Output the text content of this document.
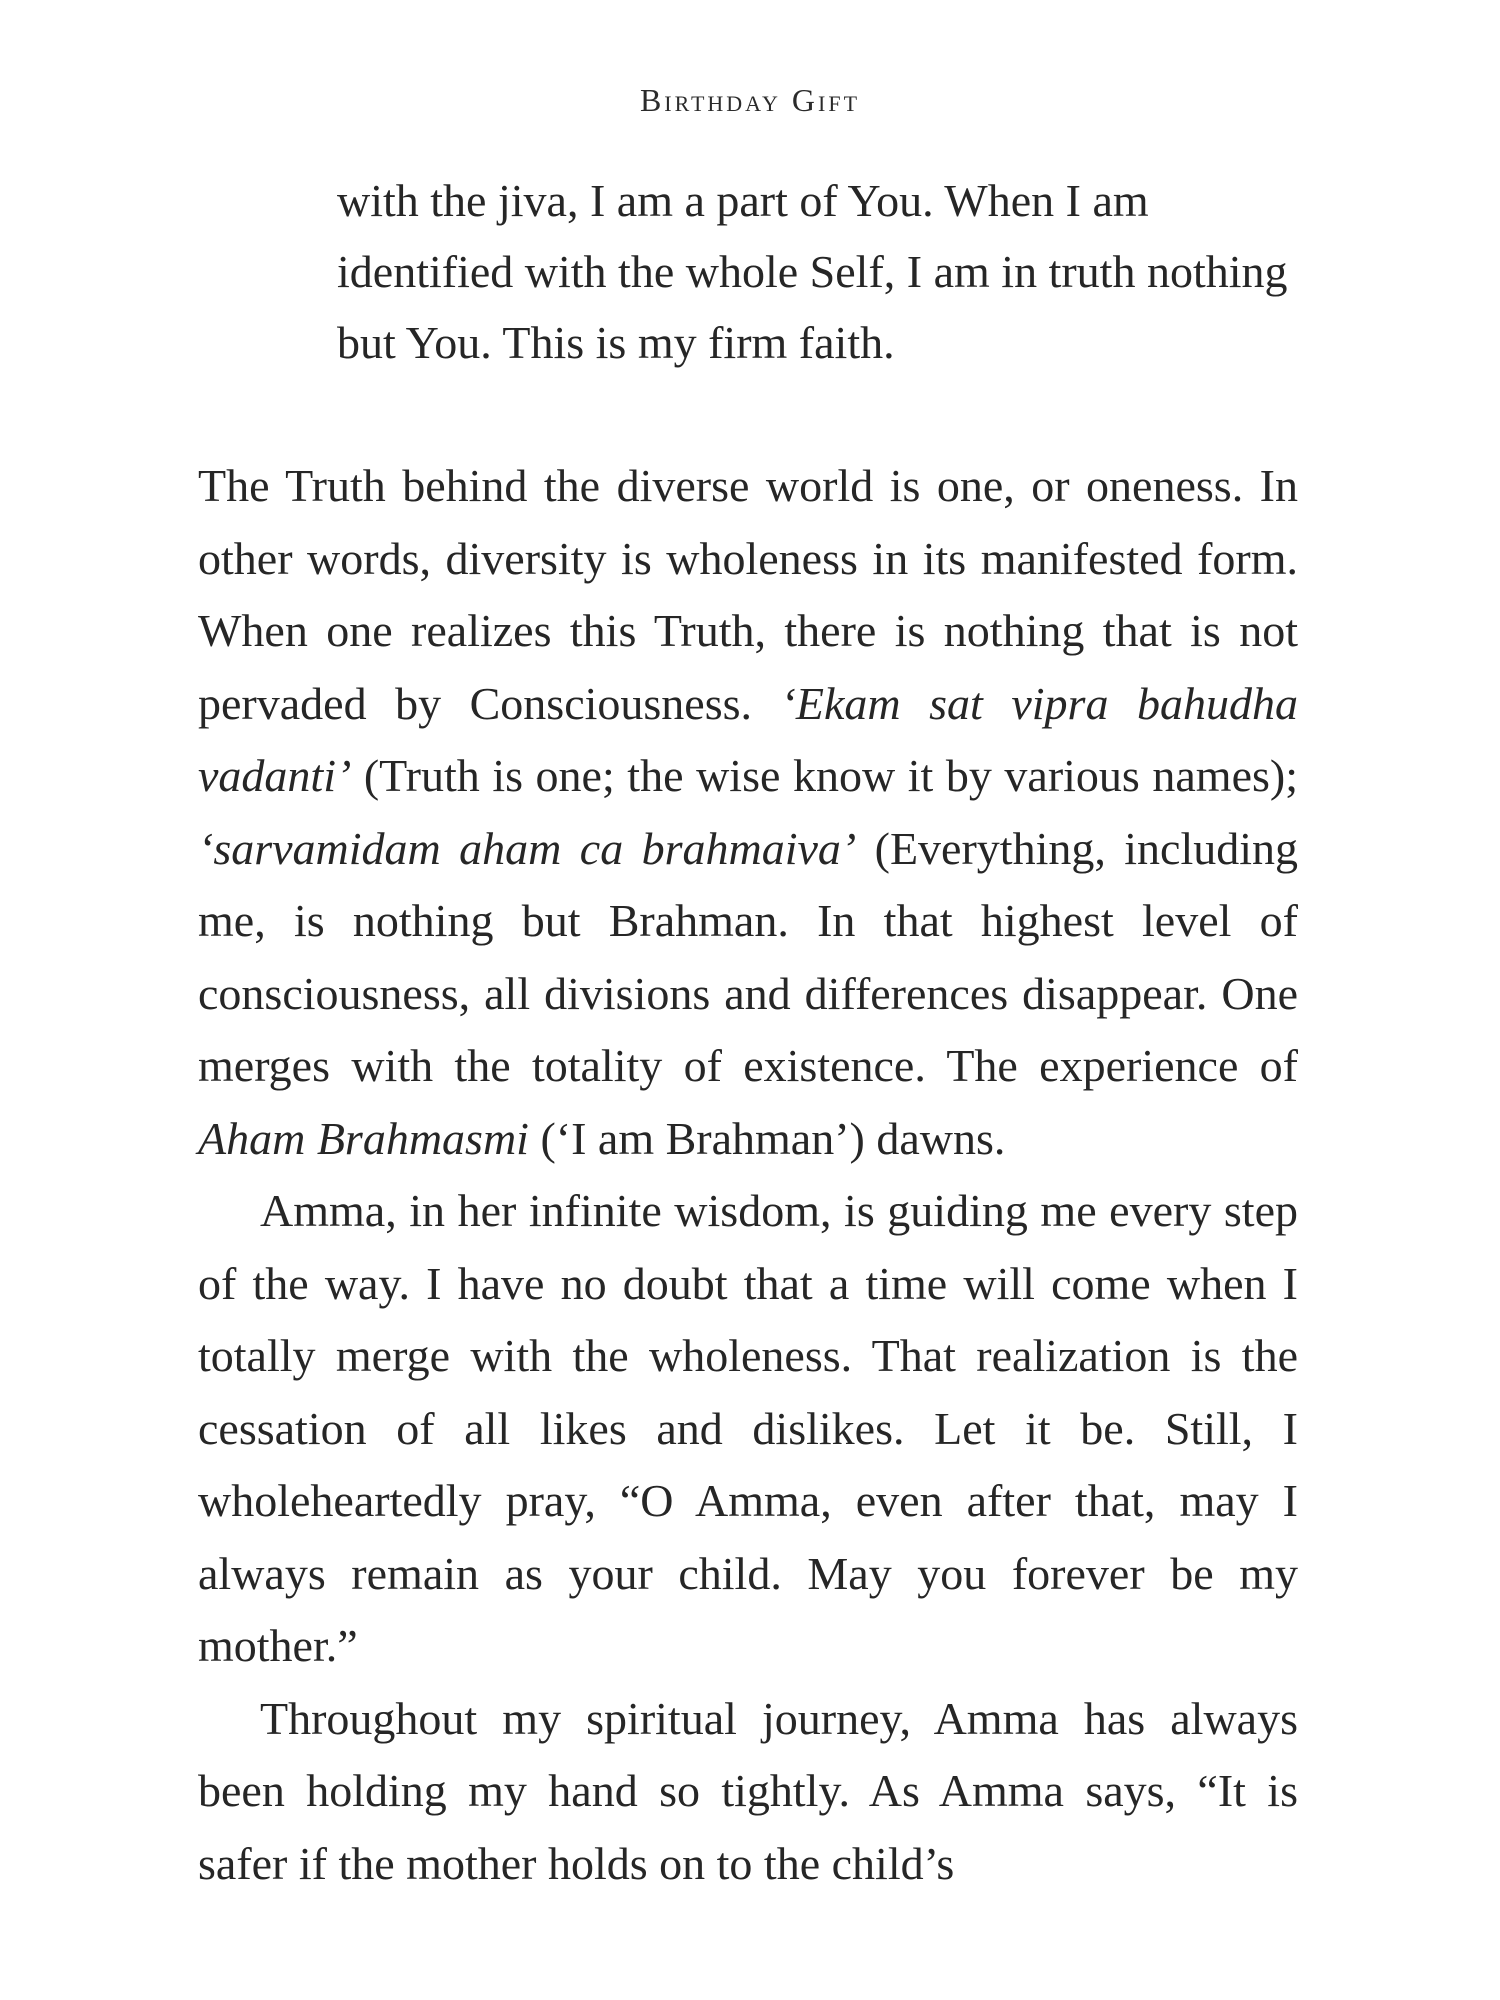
Birthday Gift

with the jiva, I am a part of You. When I am identified with the whole Self, I am in truth nothing but You. This is my firm faith.

The Truth behind the diverse world is one, or oneness. In other words, diversity is wholeness in its manifested form. When one realizes this Truth, there is nothing that is not pervaded by Consciousness. ‘Ekam sat vipra bahudha vadanti’ (Truth is one; the wise know it by various names); ‘sarvamidam aham ca brahmaiva’ (Everything, including me, is nothing but Brahman. In that highest level of consciousness, all divisions and differences disappear. One merges with the totality of existence. The experience of Aham Brahmasmi (‘I am Brahman’) dawns.

Amma, in her infinite wisdom, is guiding me every step of the way. I have no doubt that a time will come when I totally merge with the wholeness. That realization is the cessation of all likes and dislikes. Let it be. Still, I wholeheartedly pray, “O Amma, even after that, may I always remain as your child. May you forever be my mother.”

Throughout my spiritual journey, Amma has always been holding my hand so tightly. As Amma says, “It is safer if the mother holds on to the child’s
